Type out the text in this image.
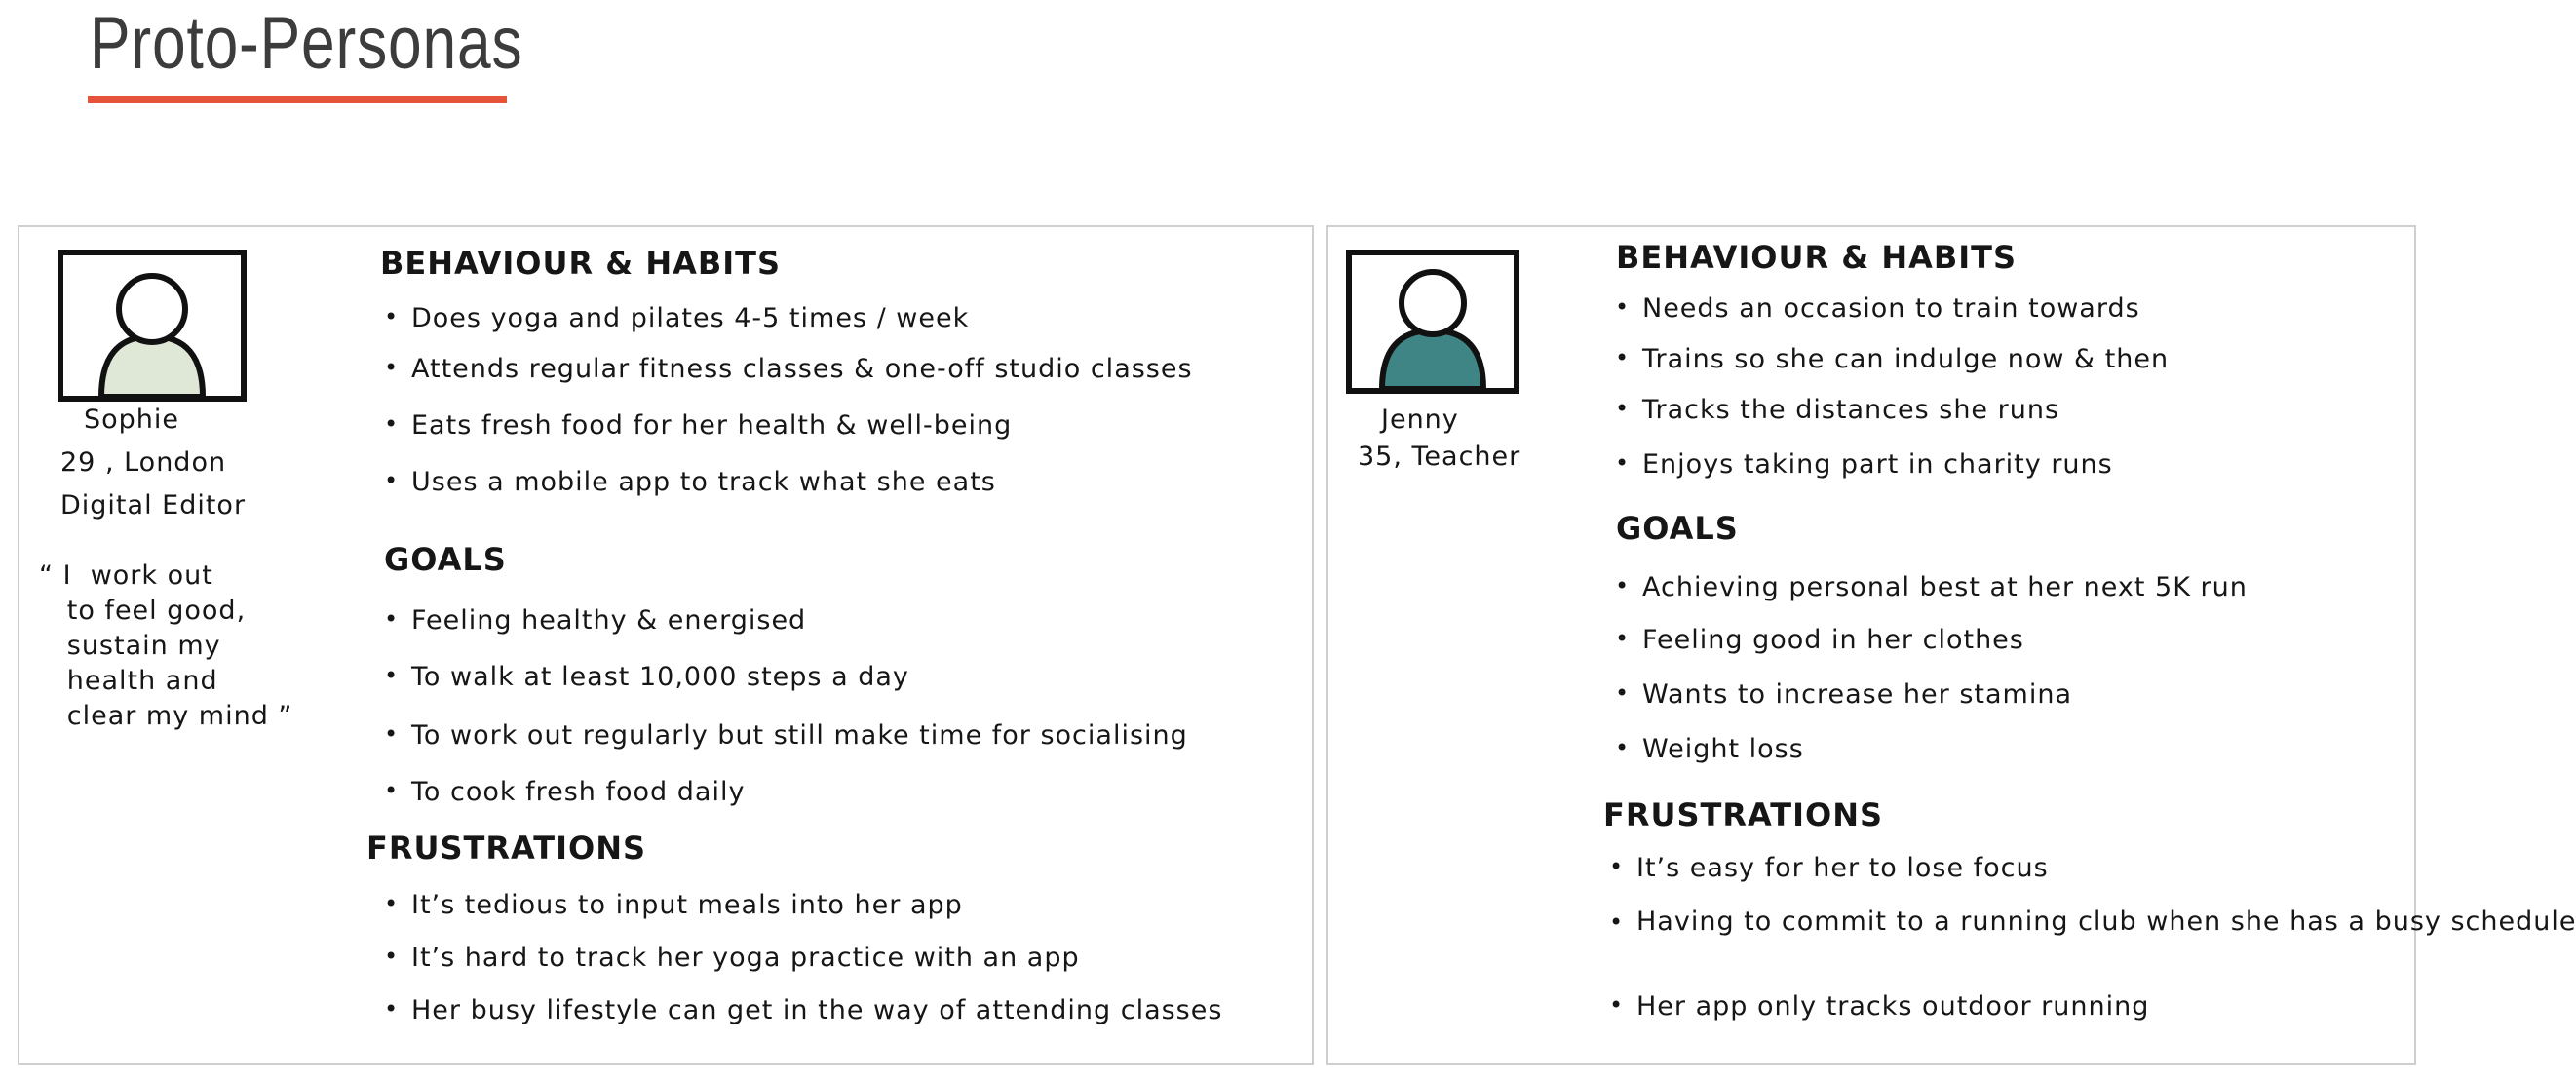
Proto-Personas
Sophie
29 , London
Digital Editor
“ I  work out
to feel good,
sustain my
health and
clear my mind ”
BEHAVIOUR & HABITS
• Does yoga and pilates 4-5 times / week
• Attends regular fitness classes & one-off studio classes
• Eats fresh food for her health & well-being
• Uses a mobile app to track what she eats
GOALS
• Feeling healthy & energised
• To walk at least 10,000 steps a day
• To work out regularly but still make time for socialising
• To cook fresh food daily
FRUSTRATIONS
• It’s tedious to input meals into her app
• It’s hard to track her yoga practice with an app
• Her busy lifestyle can get in the way of attending classes
Jenny
35, Teacher
BEHAVIOUR & HABITS
• Needs an occasion to train towards
• Trains so she can indulge now & then
• Tracks the distances she runs
• Enjoys taking part in charity runs
GOALS
• Achieving personal best at her next 5K run
• Feeling good in her clothes
• Wants to increase her stamina
• Weight loss
FRUSTRATIONS
• It’s easy for her to lose focus
• Having to commit to a running club when she has a busy schedule
• Her app only tracks outdoor running
